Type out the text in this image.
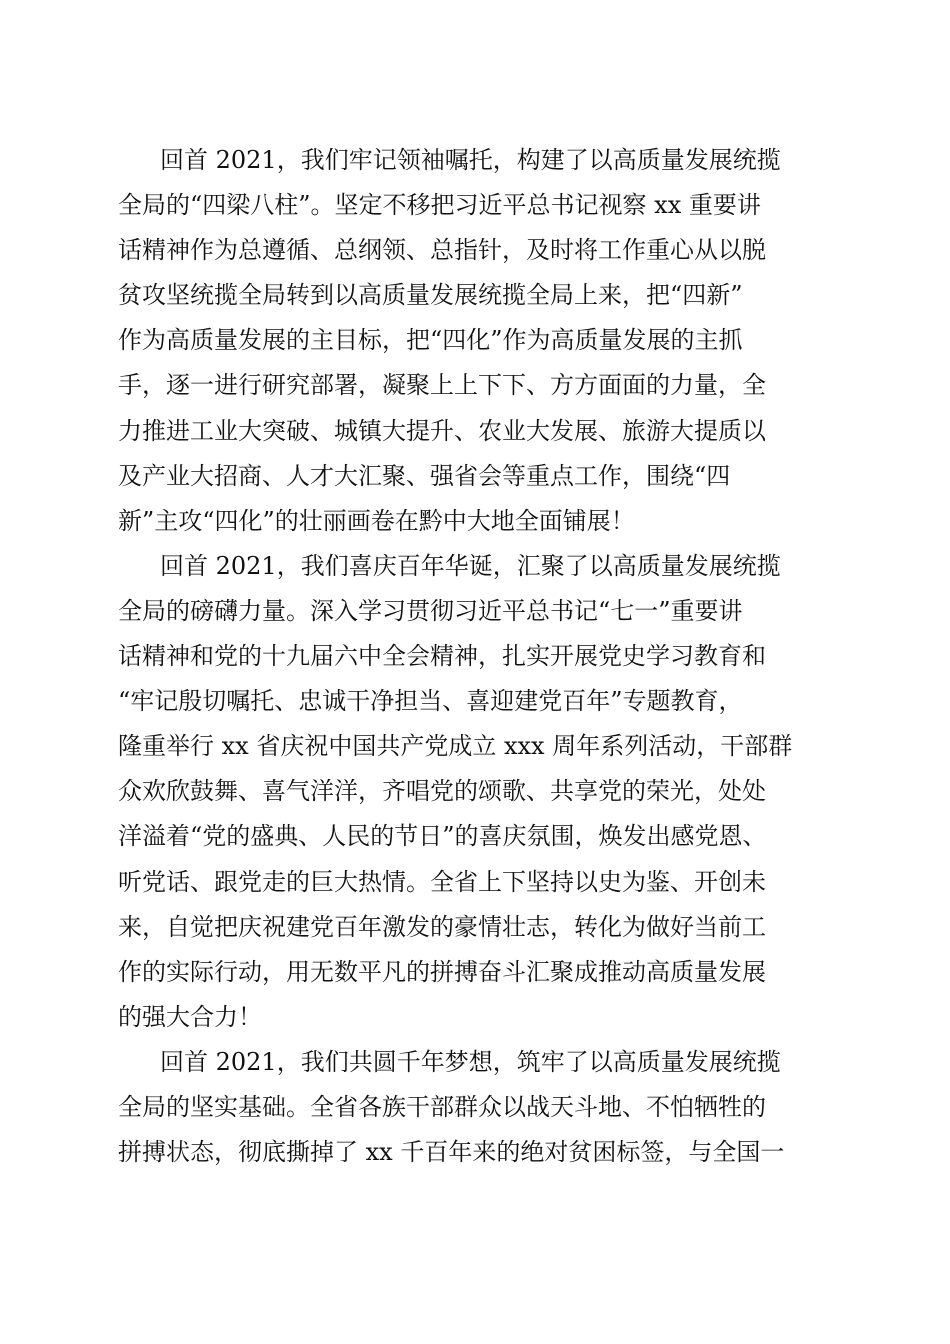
回首 2021，我们牢记领袖嘱托，构建了以高质量发展统揽
全局的“四梁八柱”。坚定不移把习近平总书记视察 xx 重要讲
话精神作为总遵循、总纲领、总指针，及时将工作重心从以脱
贫攻坚统揽全局转到以高质量发展统揽全局上来，把“四新”
作为高质量发展的主目标，把“四化”作为高质量发展的主抓
手，逐一进行研究部署，凝聚上上下下、方方面面的力量，全
力推进工业大突破、城镇大提升、农业大发展、旅游大提质以
及产业大招商、人才大汇聚、强省会等重点工作，围绕“四
新”主攻“四化”的壮丽画卷在黔中大地全面铺展！
回首 2021，我们喜庆百年华诞，汇聚了以高质量发展统揽
全局的磅礴力量。深入学习贯彻习近平总书记“七一”重要讲
话精神和党的十九届六中全会精神，扎实开展党史学习教育和
“牢记殷切嘱托、忠诚干净担当、喜迎建党百年”专题教育，
隆重举行 xx 省庆祝中国共产党成立 xxx 周年系列活动，干部群
众欢欣鼓舞、喜气洋洋，齐唱党的颂歌、共享党的荣光，处处
洋溢着“党的盛典、人民的节日”的喜庆氛围，焕发出感党恩、
听党话、跟党走的巨大热情。全省上下坚持以史为鉴、开创未
来，自觉把庆祝建党百年激发的豪情壮志，转化为做好当前工
作的实际行动，用无数平凡的拼搏奋斗汇聚成推动高质量发展
的强大合力！
回首 2021，我们共圆千年梦想，筑牢了以高质量发展统揽
全局的坚实基础。全省各族干部群众以战天斗地、不怕牺牲的
拼搏状态，彻底撕掉了 xx 千百年来的绝对贫困标签，与全国一
